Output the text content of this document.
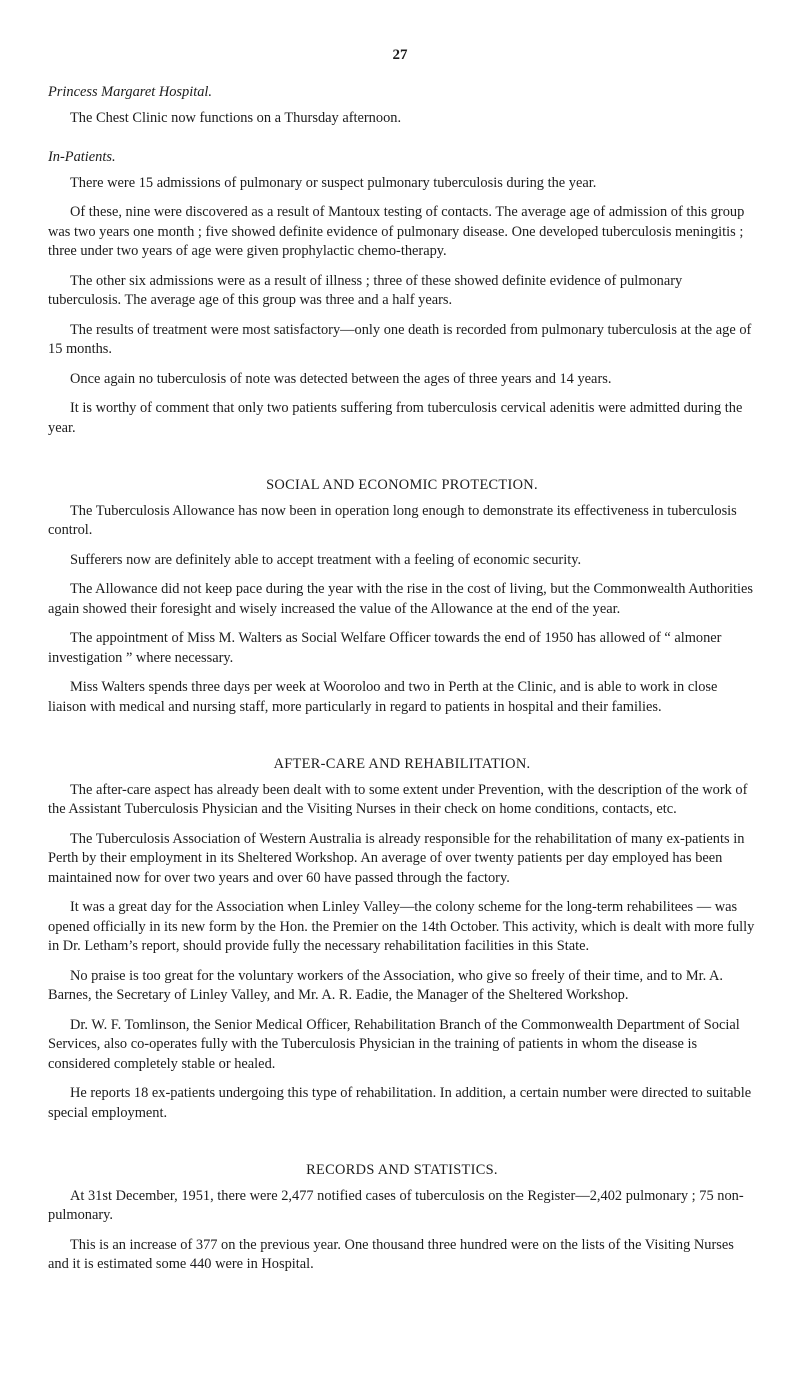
27

Princess Margaret Hospital.

The Chest Clinic now functions on a Thursday afternoon.

In-Patients.

There were 15 admissions of pulmonary or suspect pulmonary tuberculosis during the year.

Of these, nine were discovered as a result of Mantoux testing of contacts. The average age of admission of this group was two years one month ; five showed definite evidence of pulmonary disease. One developed tuberculosis meningitis ; three under two years of age were given prophylactic chemo-therapy.

The other six admissions were as a result of illness ; three of these showed definite evidence of pulmonary tuberculosis. The average age of this group was three and a half years.

The results of treatment were most satisfactory—only one death is recorded from pulmonary tuberculosis at the age of 15 months.

Once again no tuberculosis of note was detected between the ages of three years and 14 years.

It is worthy of comment that only two patients suffering from tuberculosis cervical adenitis were admitted during the year.

SOCIAL AND ECONOMIC PROTECTION.

The Tuberculosis Allowance has now been in operation long enough to demonstrate its effectiveness in tuberculosis control.

Sufferers now are definitely able to accept treatment with a feeling of economic security.

The Allowance did not keep pace during the year with the rise in the cost of living, but the Commonwealth Authorities again showed their foresight and wisely increased the value of the Allowance at the end of the year.

The appointment of Miss M. Walters as Social Welfare Officer towards the end of 1950 has allowed of “ almoner investigation ” where necessary.

Miss Walters spends three days per week at Wooroloo and two in Perth at the Clinic, and is able to work in close liaison with medical and nursing staff, more particularly in regard to patients in hospital and their families.

AFTER-CARE AND REHABILITATION.

The after-care aspect has already been dealt with to some extent under Prevention, with the description of the work of the Assistant Tuberculosis Physician and the Visiting Nurses in their check on home conditions, contacts, etc.

The Tuberculosis Association of Western Australia is already responsible for the rehabilitation of many ex-patients in Perth by their employment in its Sheltered Workshop. An average of over twenty patients per day employed has been maintained now for over two years and over 60 have passed through the factory.

It was a great day for the Association when Linley Valley—the colony scheme for the long-term rehabilitees — was opened officially in its new form by the Hon. the Premier on the 14th October. This activity, which is dealt with more fully in Dr. Letham’s report, should provide fully the necessary rehabilitation facilities in this State.

No praise is too great for the voluntary workers of the Association, who give so freely of their time, and to Mr. A. Barnes, the Secretary of Linley Valley, and Mr. A. R. Eadie, the Manager of the Sheltered Workshop.

Dr. W. F. Tomlinson, the Senior Medical Officer, Rehabilitation Branch of the Commonwealth Department of Social Services, also co-operates fully with the Tuberculosis Physician in the training of patients in whom the disease is considered completely stable or healed.

He reports 18 ex-patients undergoing this type of rehabilitation. In addition, a certain number were directed to suitable special employment.

RECORDS AND STATISTICS.

At 31st December, 1951, there were 2,477 notified cases of tuberculosis on the Register—2,402 pulmonary ; 75 non-pulmonary.

This is an increase of 377 on the previous year. One thousand three hundred were on the lists of the Visiting Nurses and it is estimated some 440 were in Hospital.
